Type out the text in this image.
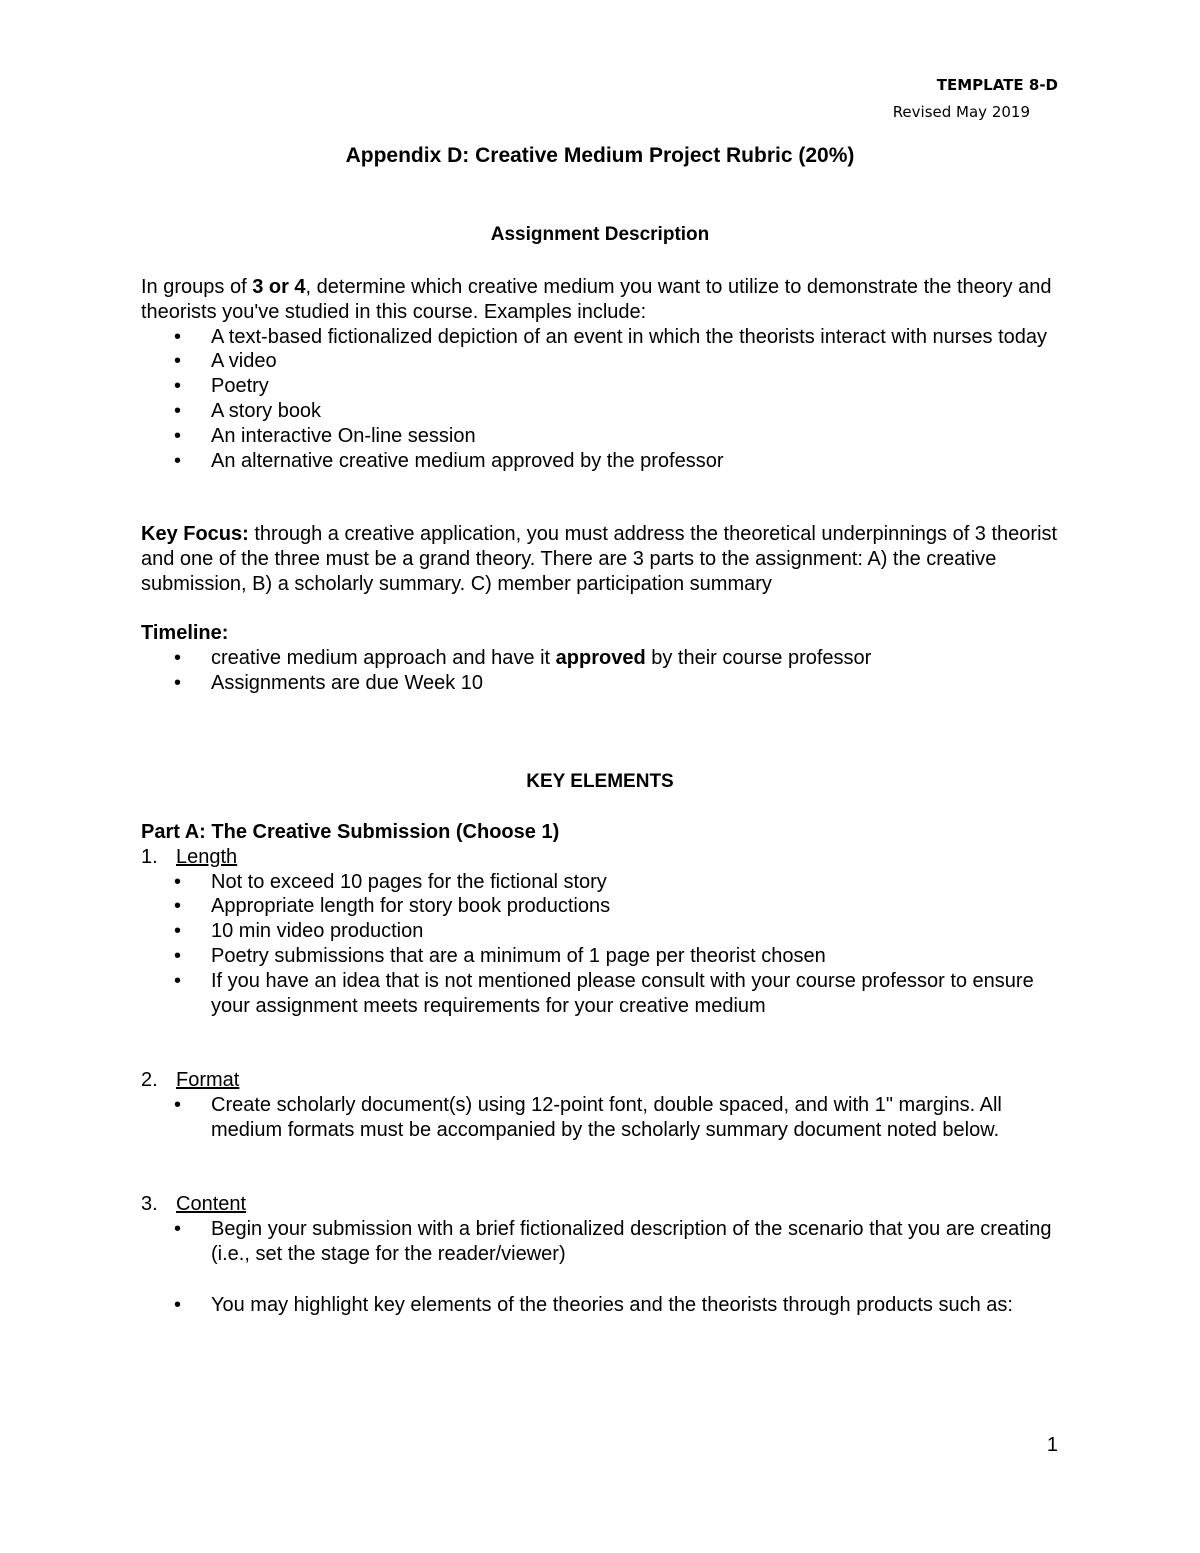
TEMPLATE 8-D
Revised May 2019
Appendix D: Creative Medium Project Rubric (20%)
Assignment Description

In groups of 3 or 4, determine which creative medium you want to utilize to demonstrate the theory and theorists you've studied in this course. Examples include:

• A text-based fictionalized depiction of an event in which the theorists interact with nurses today
• A video
• Poetry
• A story book
• An interactive On-line session
• An alternative creative medium approved by the professor

Key Focus: through a creative application, you must address the theoretical underpinnings of 3 theorist and one of the three must be a grand theory. There are 3 parts to the assignment: A) the creative submission, B) a scholarly summary. C) member participation summary

Timeline:

• creative medium approach and have it approved by their course professor
• Assignments are due Week 10
KEY ELEMENTS

Part A: The Creative Submission (Choose 1)

1. Length

• Not to exceed 10 pages for the fictional story
• Appropriate length for story book productions
• 10 min video production
• Poetry submissions that are a minimum of 1 page per theorist chosen
• If you have an idea that is not mentioned please consult with your course professor to ensure your assignment meets requirements for your creative medium

2. Format

• Create scholarly document(s) using 12-point font, double spaced, and with 1" margins. All medium formats must be accompanied by the scholarly summary document noted below.

3. Content

• Begin your submission with a brief fictionalized description of the scenario that you are creating (i.e., set the stage for the reader/viewer)
• You may highlight key elements of the theories and the theorists through products such as:
1
